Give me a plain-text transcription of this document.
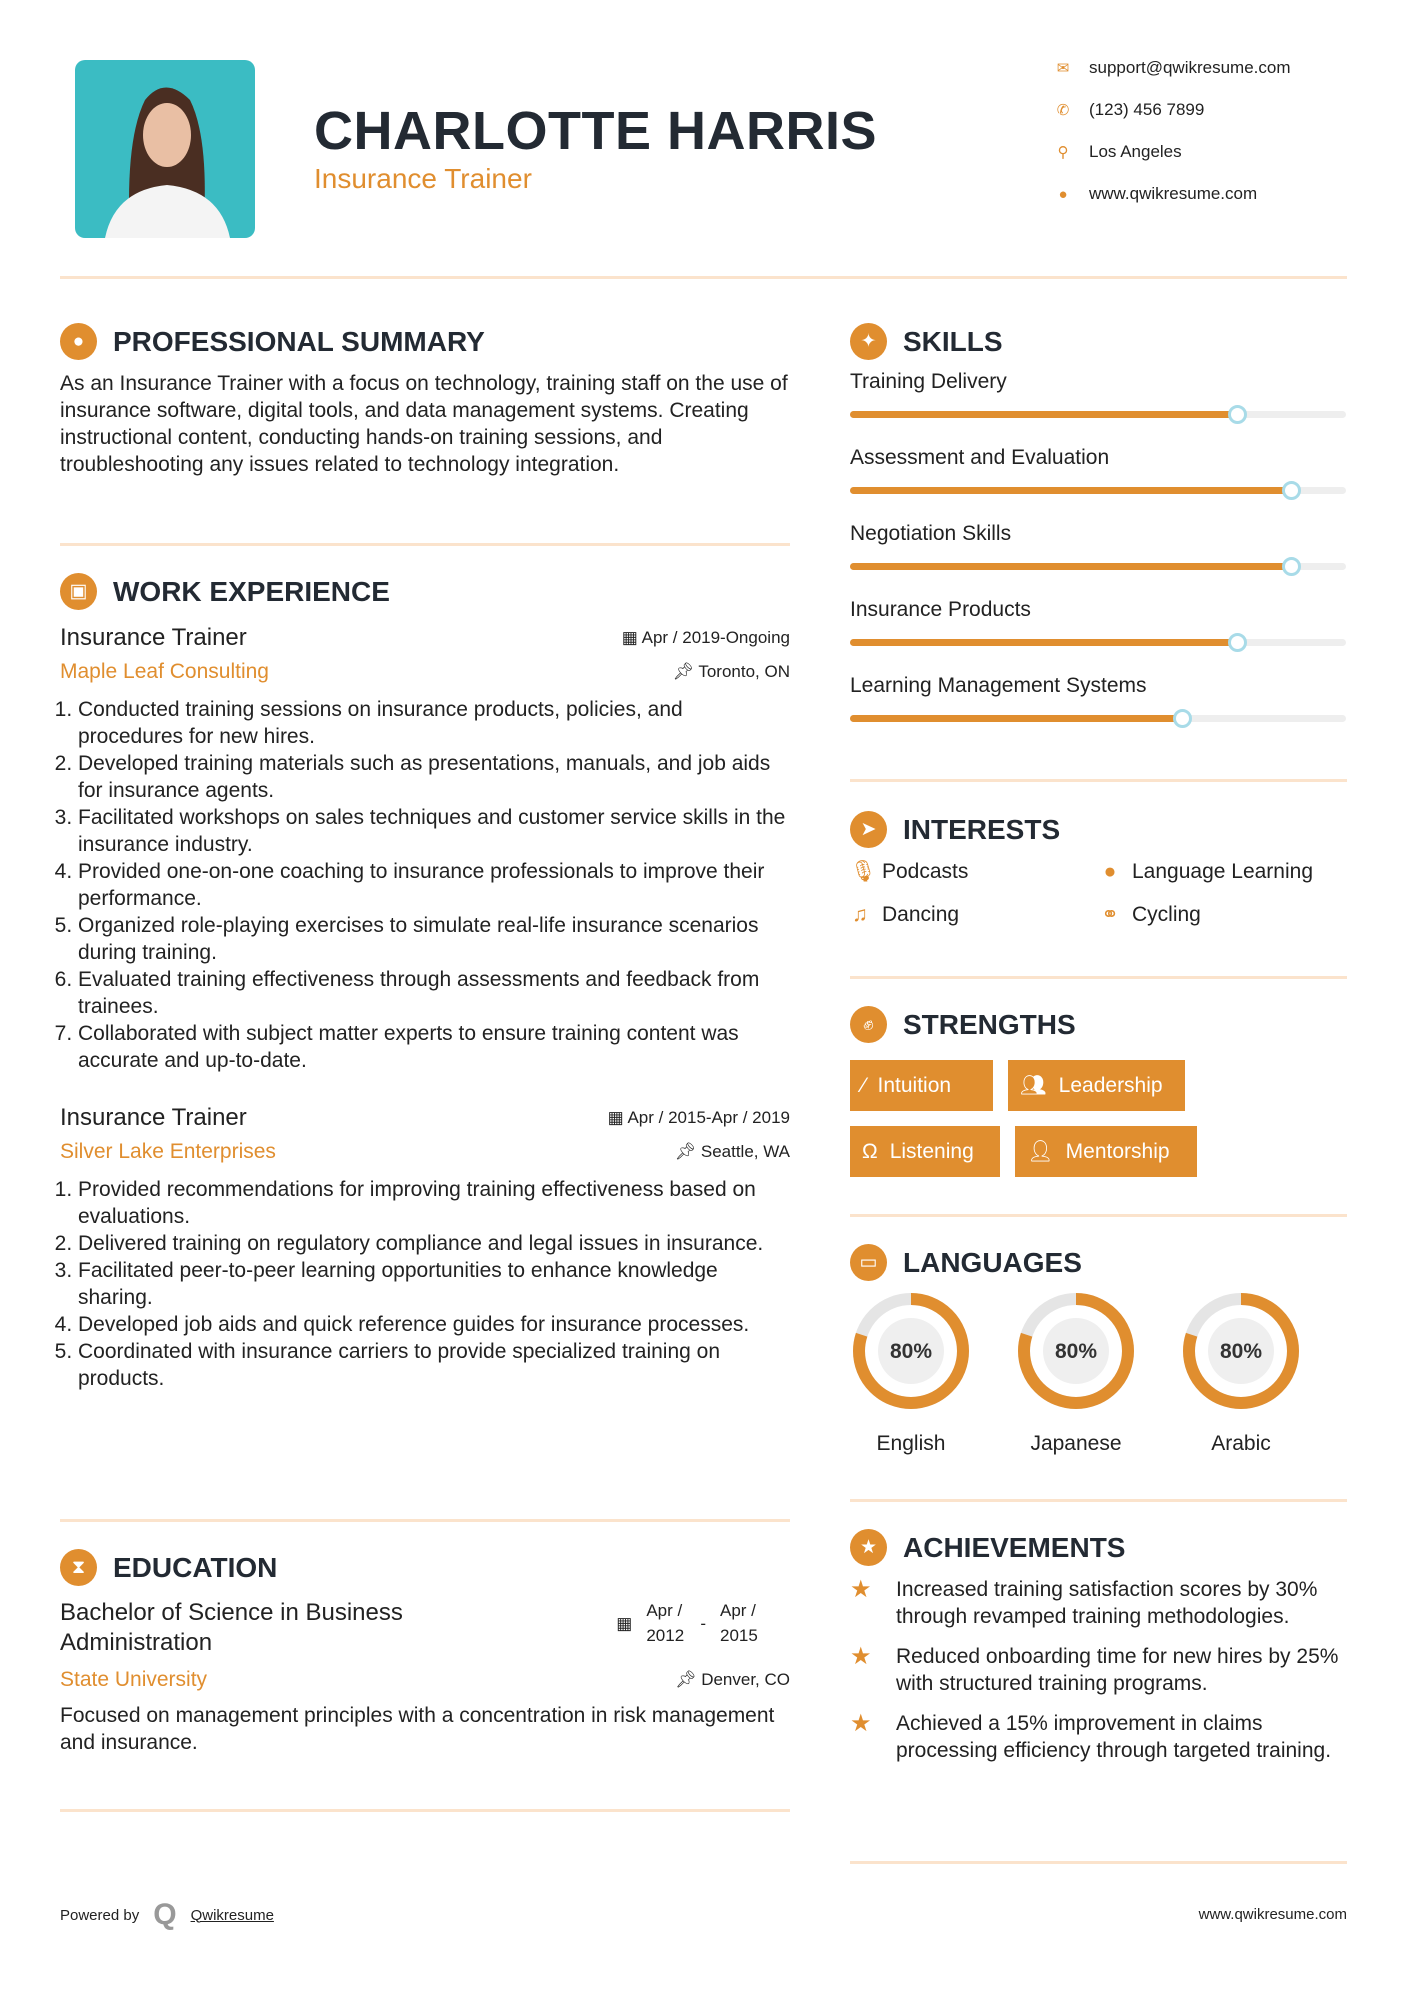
CHARLOTTE HARRIS
Insurance Trainer
✉ support@qwikresume.com
✆ (123) 456 7899
⚲ Los Angeles
● www.qwikresume.com
●	PROFESSIONAL SUMMARY

As an Insurance Trainer with a focus on technology, training staff on the use of insurance software, digital tools, and data management systems. Creating instructional content, conducting hands-on training sessions, and troubleshooting any issues related to technology integration.

▣ WORK EXPERIENCE
Insurance Trainer	▦ Apr / 2019-Ongoing
Maple Leaf Consulting	📌︎ Toronto, ON
1. Conducted training sessions on insurance products, policies, and procedures for new hires.
2. Developed training materials such as presentations, manuals, and job aids for insurance agents.
3. Facilitated workshops on sales techniques and customer service skills in the insurance industry.
4. Provided one-on-one coaching to insurance professionals to improve their performance.
5. Organized role-playing exercises to simulate real-life insurance scenarios during training.
6. Evaluated training effectiveness through assessments and feedback from trainees.
7. Collaborated with subject matter experts to ensure training content was accurate and up-to-date.
Insurance Trainer	▦ Apr / 2015-Apr / 2019
Silver Lake Enterprises	📌︎ Seattle, WA
1. Provided recommendations for improving training effectiveness based on evaluations.
2. Delivered training on regulatory compliance and legal issues in insurance.
3. Facilitated peer-to-peer learning opportunities to enhance knowledge sharing.
4. Developed job aids and quick reference guides for insurance processes.
5. Coordinated with insurance carriers to provide specialized training on products.
⧗ EDUCATION
Bachelor of Science in Business Administration
▦
Apr / 2012
-
Apr / 2015
State University	📌︎ Denver, CO

Focused on management principles with a concentration in risk management and insurance.

✦ SKILLS
Training Delivery
Assessment and Evaluation
Negotiation Skills
Insurance Products
Learning Management Systems
➤ INTERESTS
🎙︎ Podcasts	● Language Learning
♫ Dancing	⚭ Cycling
✊︎	STRENGTHS
⁄ Intuition	👥︎ Leadership
Ω Listening	👤︎ Mentorship
▭ LANGUAGES
80%
English
80%
Japanese
80%
Arabic
★ ACHIEVEMENTS
★	Increased training satisfaction scores by 30% through revamped training methodologies.
★	Reduced onboarding time for new hires by 25% with structured training programs.
★	Achieved a 15% improvement in claims processing efficiency through targeted training.
Powered by Q Qwikresume	www.qwikresume.com
